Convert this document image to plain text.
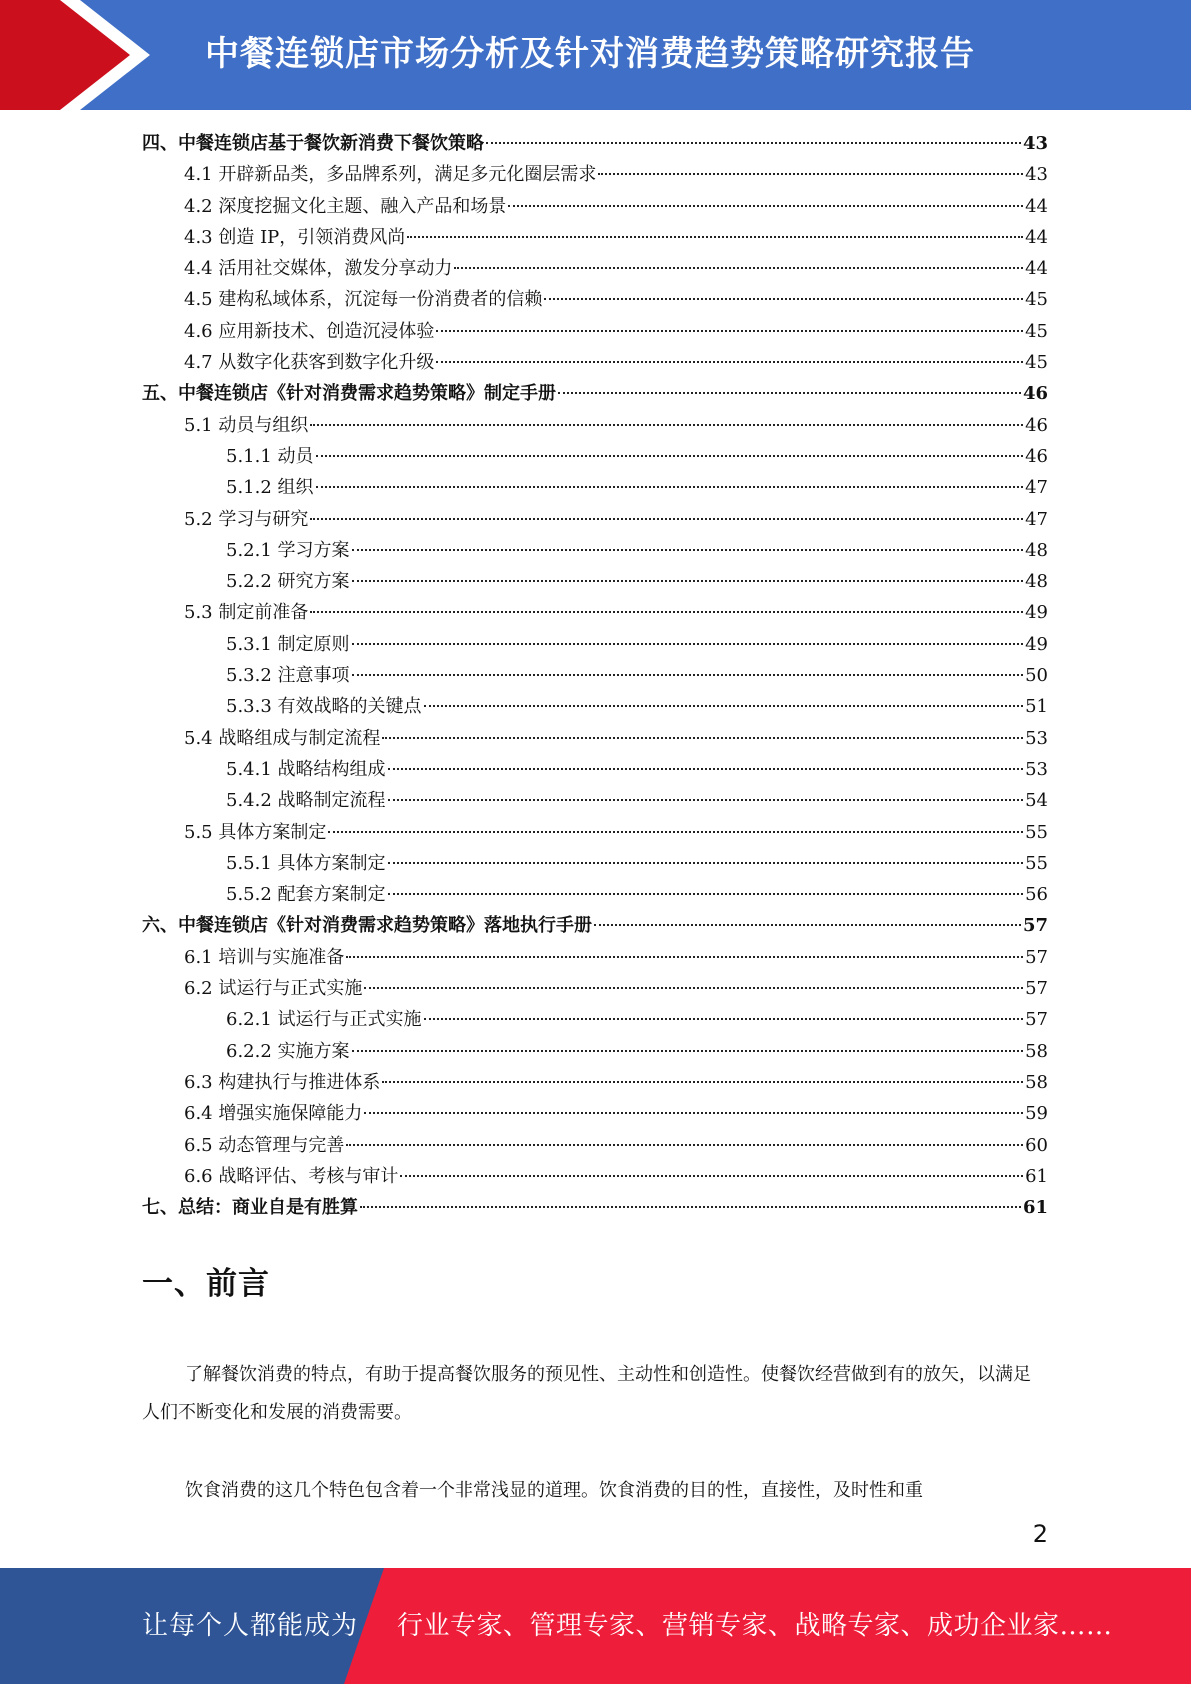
中餐连锁店市场分析及针对消费趋势策略研究报告
四、中餐连锁店基于餐饮新消费下餐饮策略	43
4.1 开辟新品类，多品牌系列，满足多元化圈层需求	43
4.2 深度挖掘文化主题、融入产品和场景	44
4.3 创造 IP，引领消费风尚	44
4.4 活用社交媒体，激发分享动力	44
4.5 建构私域体系，沉淀每一份消费者的信赖	45
4.6 应用新技术、创造沉浸体验	45
4.7 从数字化获客到数字化升级	45
五、中餐连锁店《针对消费需求趋势策略》制定手册	46
5.1 动员与组织	46
5.1.1 动员	46
5.1.2 组织	47
5.2 学习与研究	47
5.2.1 学习方案	48
5.2.2 研究方案	48
5.3 制定前准备	49
5.3.1 制定原则	49
5.3.2 注意事项	50
5.3.3 有效战略的关键点	51
5.4 战略组成与制定流程	53
5.4.1 战略结构组成	53
5.4.2 战略制定流程	54
5.5 具体方案制定	55
5.5.1 具体方案制定	55
5.5.2 配套方案制定	56
六、中餐连锁店《针对消费需求趋势策略》落地执行手册	57
6.1 培训与实施准备	57
6.2 试运行与正式实施	57
6.2.1 试运行与正式实施	57
6.2.2 实施方案	58
6.3 构建执行与推进体系	58
6.4 增强实施保障能力	59
6.5 动态管理与完善	60
6.6 战略评估、考核与审计	61
七、总结：商业自是有胜算	61
一、前言
了解餐饮消费的特点，有助于提高餐饮服务的预见性、主动性和创造性。使餐饮经营做到有的放矢，以满足人们不断变化和发展的消费需要。
饮食消费的这几个特色包含着一个非常浅显的道理。饮食消费的目的性，直接性，及时性和重
2
让每个人都能成为 行业专家、管理专家、营销专家、战略专家、成功企业家……
